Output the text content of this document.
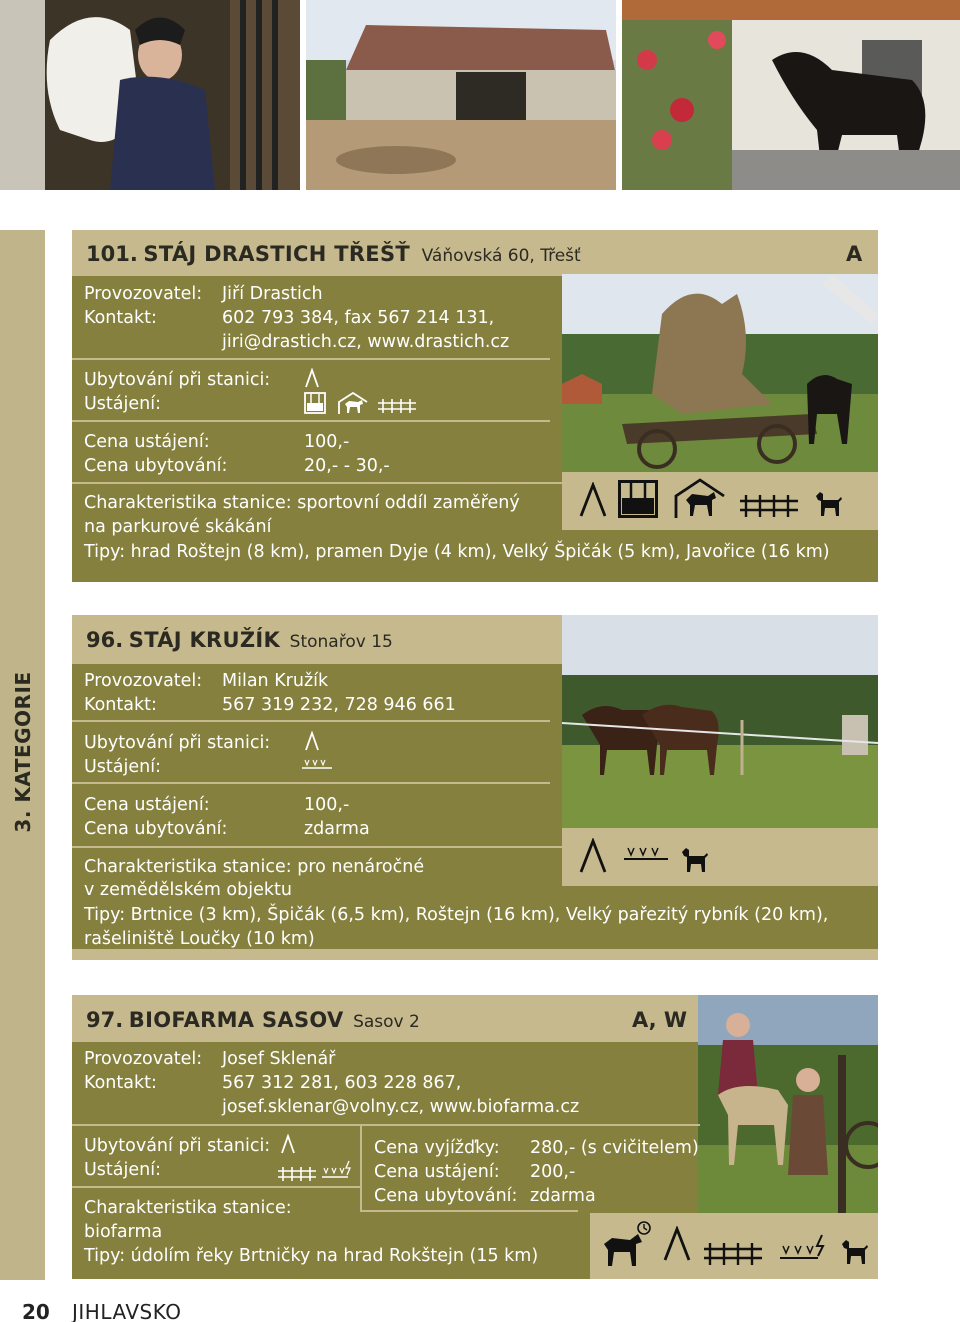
3. KATEGORIE
101. STÁJ DRASTICH TŘEŠŤ Váňovská 60, Třešť	A
Provozovatel: Jiří Drastich
Kontakt:	602 793 384, fax 567 214 131,
jiri@drastich.cz, www.drastich.cz
Ubytování při stanici:
Ustájení:
Cena ustájení:	100,-
Cena ubytování:	20,- - 30,-
Charakteristika stanice: sportovní oddíl zaměřený
na parkurové skákání
Tipy: hrad Roštejn (8 km), pramen Dyje (4 km), Velký Špičák (5 km), Javořice (16 km)
96. STÁJ KRUŽÍK Stonařov 15
Provozovatel: Milan Kružík
Kontakt:	567 319 232, 728 946 661
Ubytování při stanici:
Ustájení:
Cena ustájení:	100,-
Cena ubytování:	zdarma
Charakteristika stanice: pro nenáročné
v zemědělském objektu
Tipy: Brtnice (3 km), Špičák (6,5 km), Roštejn (16 km), Velký pařezitý rybník (20 km),
rašeliniště Loučky (10 km)
97. BIOFARMA SASOV Sasov 2	A, W
Provozovatel: Josef Sklenář
Kontakt:	567 312 281, 603 228 867,
josef.sklenar@volny.cz, www.biofarma.cz
Ubytování při stanici:
Ustájení:
Cena vyjížďky: 280,- (s cvičitelem)
Cena ustájení: 200,-
Cena ubytování: zdarma
Charakteristika stanice:
biofarma
Tipy: údolím řeky Brtničky na hrad Rokštejn (15 km)
20 JIHLAVSKO
